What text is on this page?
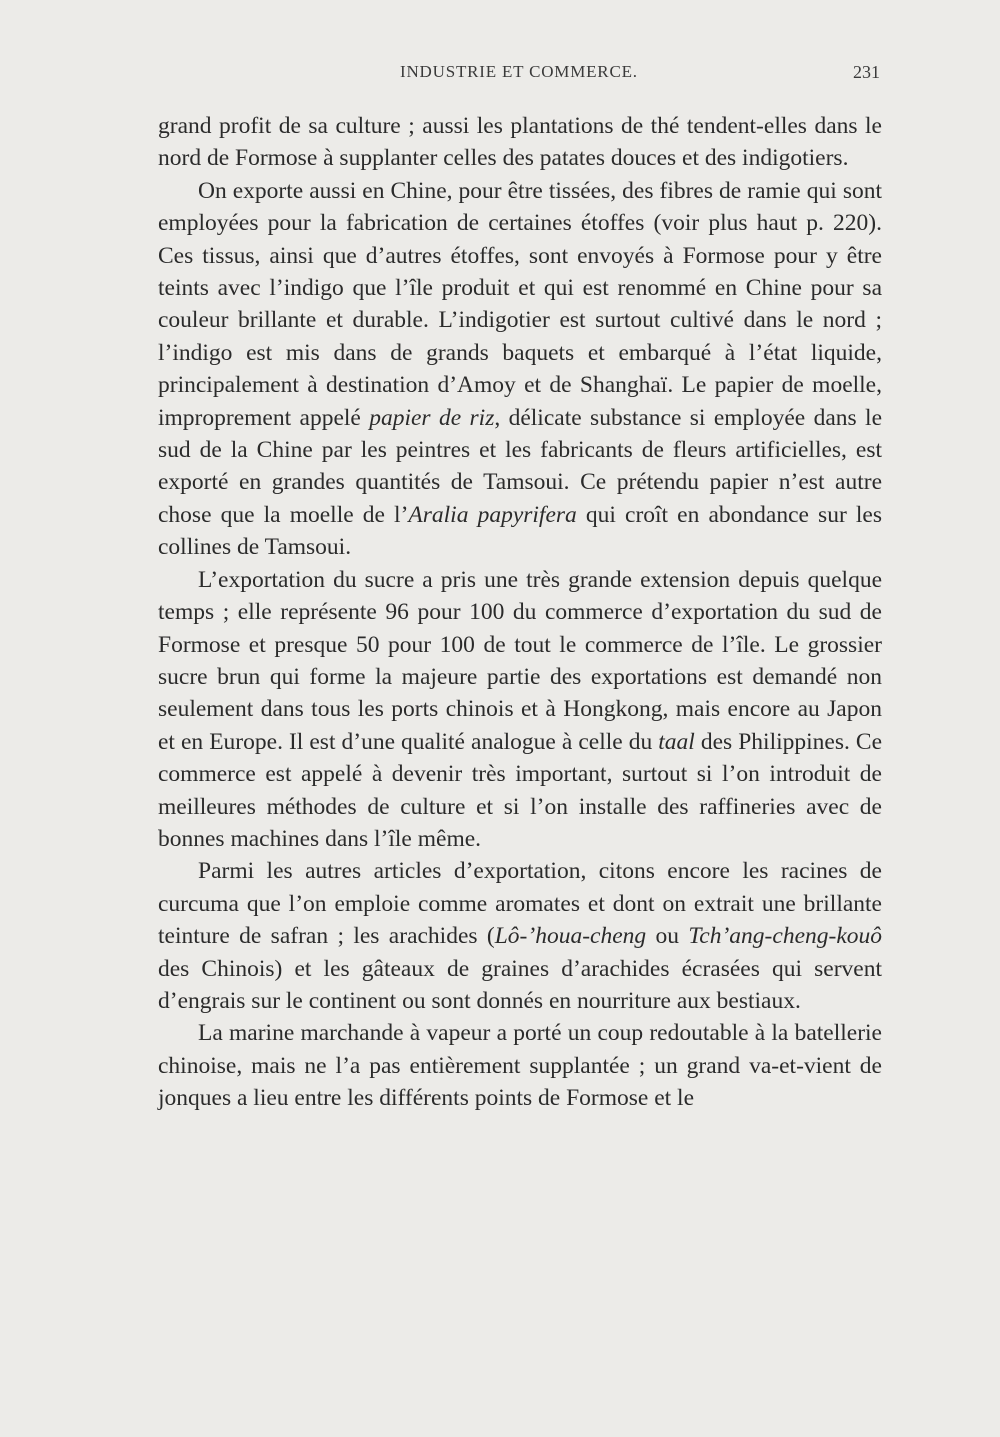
INDUSTRIE ET COMMERCE.	231

grand profit de sa culture ; aussi les plantations de thé tendent-elles dans le nord de Formose à supplanter celles des patates douces et des indigotiers.

On exporte aussi en Chine, pour être tissées, des fibres de ramie qui sont employées pour la fabrication de certaines étoffes (voir plus haut p. 220). Ces tissus, ainsi que d’autres étoffes, sont envoyés à Formose pour y être teints avec l’indigo que l’île produit et qui est renommé en Chine pour sa couleur brillante et durable. L’indigotier est surtout cultivé dans le nord ; l’indigo est mis dans de grands baquets et embarqué à l’état liquide, principalement à destination d’Amoy et de Shanghaï. Le papier de moelle, improprement appelé papier de riz, délicate substance si employée dans le sud de la Chine par les peintres et les fabricants de fleurs artificielles, est exporté en grandes quantités de Tamsoui. Ce prétendu papier n’est autre chose que la moelle de l’Aralia papyrifera qui croît en abondance sur les collines de Tamsoui.

L’exportation du sucre a pris une très grande extension depuis quelque temps ; elle représente 96 pour 100 du commerce d’exportation du sud de Formose et presque 50 pour 100 de tout le commerce de l’île. Le grossier sucre brun qui forme la majeure partie des exportations est demandé non seulement dans tous les ports chinois et à Hongkong, mais encore au Japon et en Europe. Il est d’une qualité analogue à celle du taal des Philippines. Ce commerce est appelé à devenir très important, surtout si l’on introduit de meilleures méthodes de culture et si l’on installe des raffineries avec de bonnes machines dans l’île même.

Parmi les autres articles d’exportation, citons encore les racines de curcuma que l’on emploie comme aromates et dont on extrait une brillante teinture de safran ; les arachides (Lô-’houa-cheng ou Tch’ang-cheng-kouô des Chinois) et les gâteaux de graines d’arachides écrasées qui servent d’engrais sur le continent ou sont donnés en nourriture aux bestiaux.

La marine marchande à vapeur a porté un coup redoutable à la batellerie chinoise, mais ne l’a pas entièrement supplantée ; un grand va-et-vient de jonques a lieu entre les différents points de Formose et le
